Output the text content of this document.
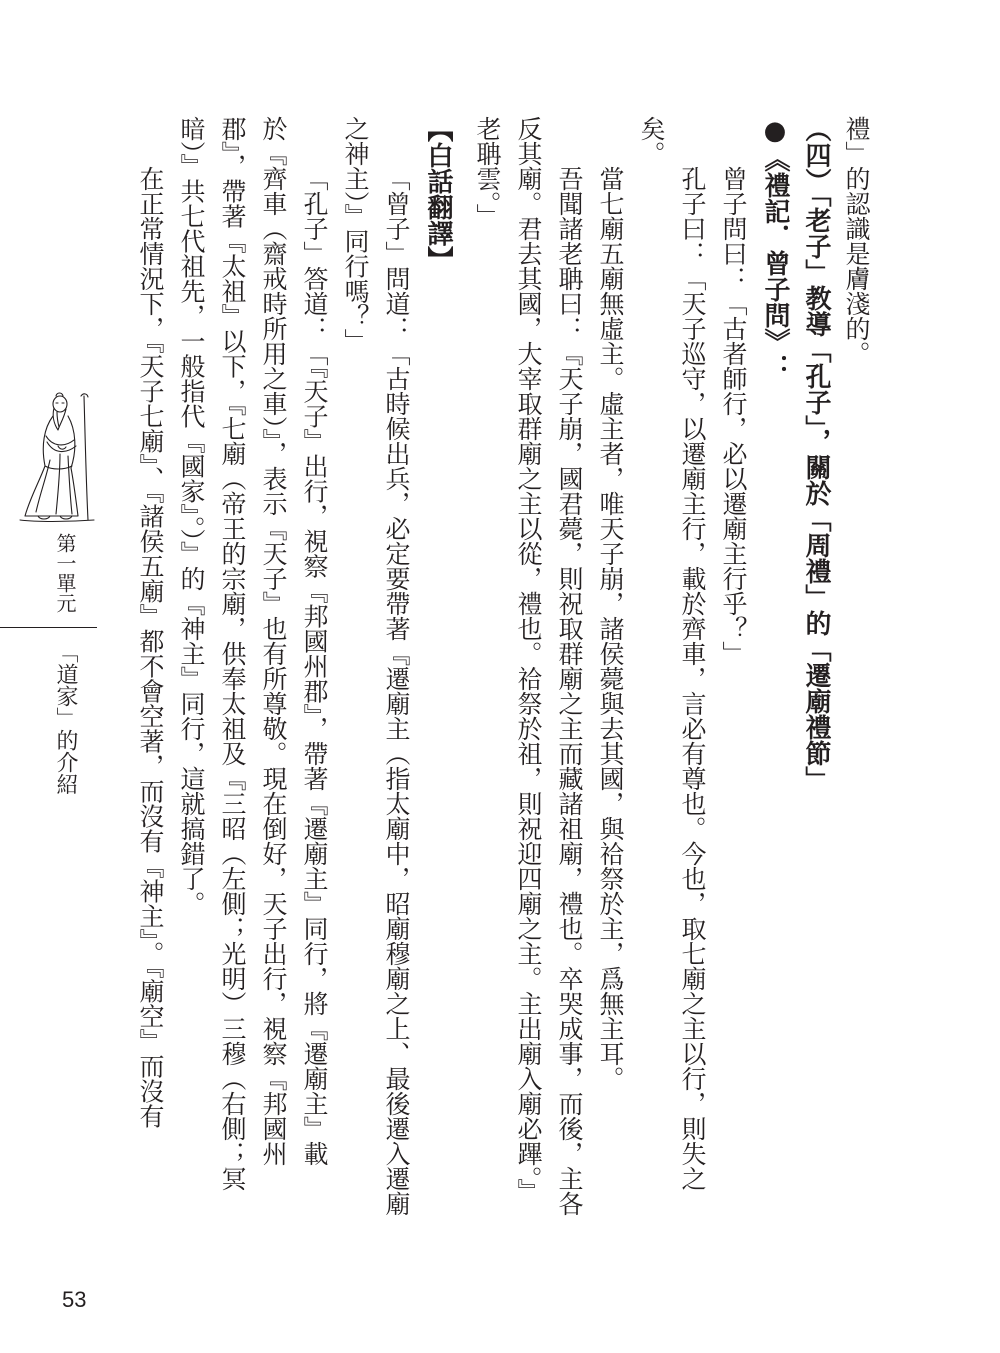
禮」的認識是膚淺的。
（四）「老子」教導「孔子」，關於「周禮」的「遷廟禮節」
●《禮記．曾子問》：
曾子問曰：「古者師行，必以遷廟主行乎？」
孔子曰：「天子巡守，以遷廟主行，載於齊車，言必有尊也。今也，取七廟之主以行，則失之
矣。
當七廟五廟無虛主。虛主者，唯天子崩，諸侯薨與去其國，與祫祭於主，爲無主耳。
吾聞諸老聃曰：『天子崩，國君薨，則祝取群廟之主而藏諸祖廟，禮也。卒哭成事，而後，主各
反其廟。君去其國，大宰取群廟之主以從，禮也。祫祭於祖，則祝迎四廟之主。主出廟入廟必蹕。』
老聃雲。」
【白話翻譯】
「曾子」問道：「古時候出兵，必定要帶著『遷廟主（指太廟中，昭廟穆廟之上、最後遷入遷廟
之神主）』同行嗎？」
「孔子」答道：「『天子』出行，視察『邦國州郡』，帶著『遷廟主』同行，將『遷廟主』載
於『齊車（齋戒時所用之車）』，表示『天子』也有所尊敬。現在倒好，天子出行，視察『邦國州
郡』，帶著『太祖』以下，『七廟（帝王的宗廟，供奉太祖及『三昭（左側；光明）三穆（右側；冥
暗）』共七代祖先，一般指代『國家』。）』的『神主』同行，這就搞錯了。
在正常情況下，『天子七廟』、『諸侯五廟』都不會空著，而沒有『神主』。『廟空』而沒有
第一單元
「道家」的介紹
53
